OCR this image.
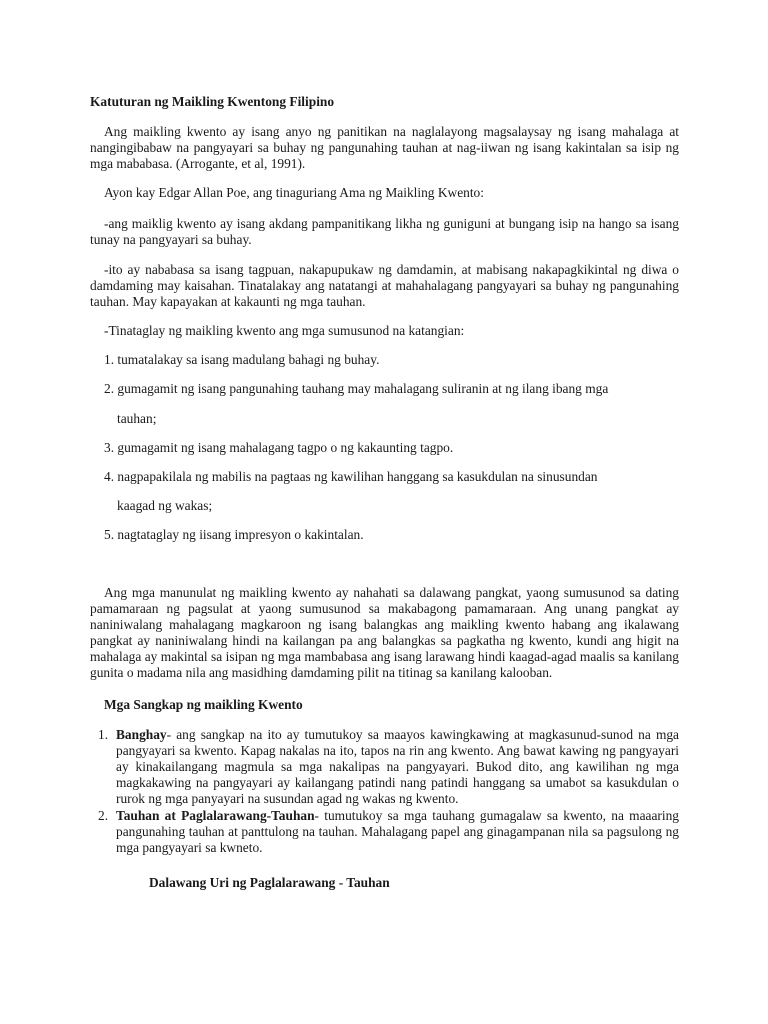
Katuturan ng Maikling Kwentong Filipino

Ang maikling kwento ay isang anyo ng panitikan na naglalayong magsalaysay ng isang mahalaga at nangingibabaw na pangyayari sa buhay ng pangunahing tauhan at nag-iiwan ng isang kakintalan sa isip ng mga mababasa. (Arrogante, et al, 1991).

Ayon kay Edgar Allan Poe, ang tinaguriang Ama ng Maikling Kwento:

-ang maiklig kwento ay isang akdang pampanitikang likha ng guniguni at bungang isip na hango sa isang tunay na pangyayari sa buhay.

-ito ay nababasa sa isang tagpuan, nakapupukaw ng damdamin, at mabisang nakapagkikintal ng diwa o damdaming may kaisahan. Tinatalakay ang natatangi at mahahalagang pangyayari sa buhay ng pangunahing tauhan. May kapayakan at kakaunti ng mga tauhan.

-Tinataglay ng maikling kwento ang mga sumusunod na katangian:

1. tumatalakay sa isang madulang bahagi ng buhay.

2. gumagamit ng isang pangunahing tauhang may mahalagang suliranin at ng ilang ibang mga

tauhan;

3. gumagamit ng isang mahalagang tagpo o ng kakaunting tagpo.

4. nagpapakilala ng mabilis na pagtaas ng kawilihan hanggang sa kasukdulan na sinusundan

kaagad ng wakas;

5. nagtataglay ng iisang impresyon o kakintalan.

Ang mga manunulat ng maikling kwento ay nahahati sa dalawang pangkat, yaong sumusunod sa dating pamamaraan ng pagsulat at yaong sumusunod sa makabagong pamamaraan. Ang unang pangkat ay naniniwalang mahalagang magkaroon ng isang balangkas ang maikling kwento habang ang ikalawang pangkat ay naniniwalang hindi na kailangan pa ang balangkas sa pagkatha ng kwento, kundi ang higit na mahalaga ay makintal sa isipan ng mga mambabasa ang isang larawang hindi kaagad-agad maalis sa kanilang gunita o madama nila ang masidhing damdaming pilit na titinag sa kanilang kalooban.

Mga Sangkap ng maikling Kwento

1. Banghay- ang sangkap na ito ay tumutukoy sa maayos kawingkawing at magkasunud-sunod na mga pangyayari sa kwento. Kapag nakalas na ito, tapos na rin ang kwento. Ang bawat kawing ng pangyayari ay kinakailangang magmula sa mga nakalipas na pangyayari. Bukod dito, ang kawilihan ng mga magkakawing na pangyayari ay kailangang patindi nang patindi hanggang sa umabot sa kasukdulan o rurok ng mga panyayari na susundan agad ng wakas ng kwento.
2. Tauhan at Paglalarawang-Tauhan- tumutukoy sa mga tauhang gumagalaw sa kwento, na maaaring pangunahing tauhan at panttulong na tauhan. Mahalagang papel ang ginagampanan nila sa pagsulong ng mga pangyayari sa kwneto.

Dalawang Uri ng Paglalarawang - Tauhan
